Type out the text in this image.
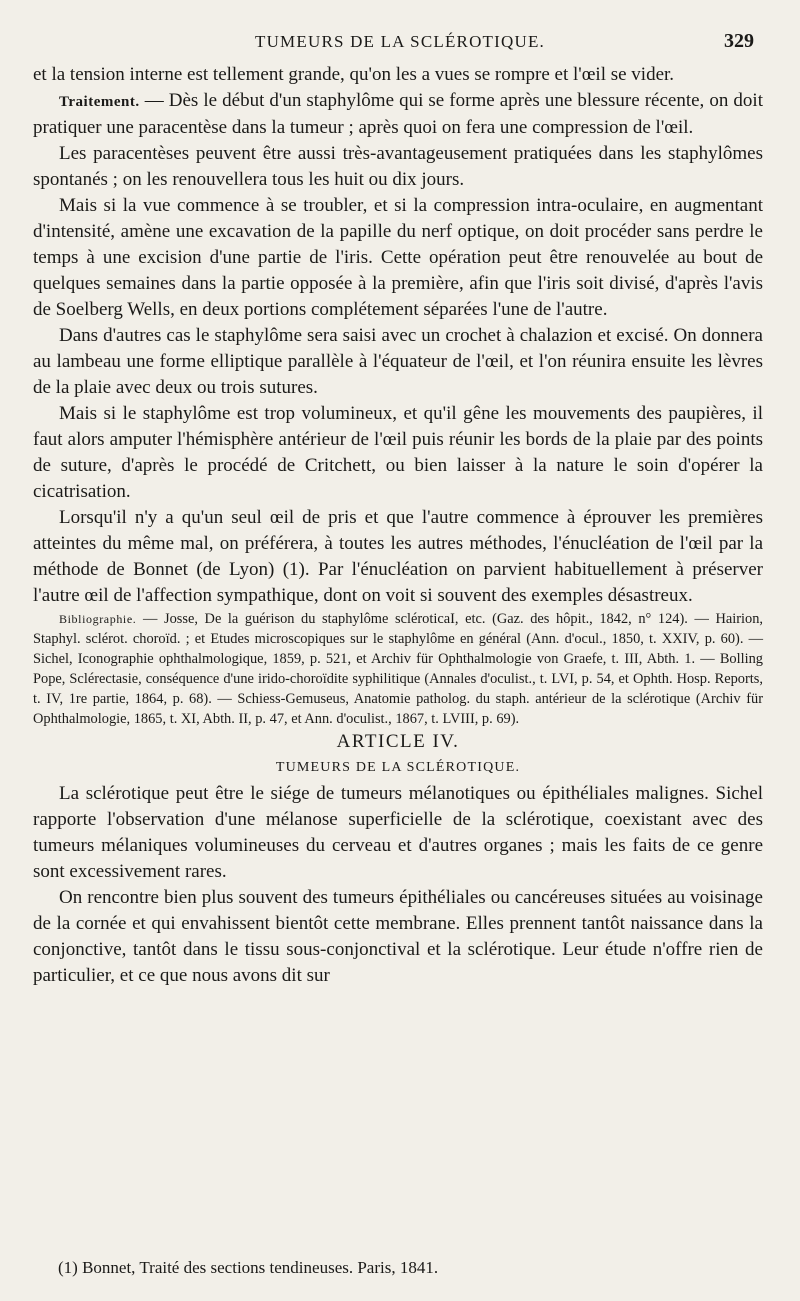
TUMEURS DE LA SCLÉROTIQUE.	329

et la tension interne est tellement grande, qu'on les a vues se rompre et l'œil se vider.

Traitement. — Dès le début d'un staphylôme qui se forme après une blessure récente, on doit pratiquer une paracentèse dans la tumeur ; après quoi on fera une compression de l'œil.

Les paracentèses peuvent être aussi très-avantageusement pratiquées dans les staphylômes spontanés ; on les renouvellera tous les huit ou dix jours.

Mais si la vue commence à se troubler, et si la compression intra-oculaire, en augmentant d'intensité, amène une excavation de la papille du nerf optique, on doit procéder sans perdre le temps à une excision d'une partie de l'iris. Cette opération peut être renouvelée au bout de quelques semaines dans la partie opposée à la première, afin que l'iris soit divisé, d'après l'avis de Soelberg Wells, en deux portions complétement séparées l'une de l'autre.

Dans d'autres cas le staphylôme sera saisi avec un crochet à chalazion et excisé. On donnera au lambeau une forme elliptique parallèle à l'équateur de l'œil, et l'on réunira ensuite les lèvres de la plaie avec deux ou trois sutures.

Mais si le staphylôme est trop volumineux, et qu'il gêne les mouvements des paupières, il faut alors amputer l'hémisphère antérieur de l'œil puis réunir les bords de la plaie par des points de suture, d'après le procédé de Critchett, ou bien laisser à la nature le soin d'opérer la cicatrisation.

Lorsqu'il n'y a qu'un seul œil de pris et que l'autre commence à éprouver les premières atteintes du même mal, on préférera, à toutes les autres méthodes, l'énucléation de l'œil par la méthode de Bonnet (de Lyon) (1). Par l'énucléation on parvient habituellement à préserver l'autre œil de l'affection sympathique, dont on voit si souvent des exemples désastreux.

Bibliographie. — Josse, De la guérison du staphylôme scléroticaI, etc. (Gaz. des hôpit., 1842, n° 124). — Hairion, Staphyl. sclérot. choroïd. ; et Etudes microscopiques sur le staphylôme en général (Ann. d'ocul., 1850, t. XXIV, p. 60). — Sichel, Iconographie ophthalmologique, 1859, p. 521, et Archiv für Ophthalmologie von Graefe, t. III, Abth. 1. — Bolling Pope, Sclérectasie, conséquence d'une irido-choroïdite syphilitique (Annales d'oculist., t. LVI, p. 54, et Ophth. Hosp. Reports, t. IV, 1re partie, 1864, p. 68). — Schiess-Gemuseus, Anatomie patholog. du staph. antérieur de la sclérotique (Archiv für Ophthalmologie, 1865, t. XI, Abth. II, p. 47, et Ann. d'oculist., 1867, t. LVIII, p. 69).

ARTICLE IV.

TUMEURS DE LA SCLÉROTIQUE.

La sclérotique peut être le siége de tumeurs mélanotiques ou épithéliales malignes. Sichel rapporte l'observation d'une mélanose superficielle de la sclérotique, coexistant avec des tumeurs mélaniques volumineuses du cerveau et d'autres organes ; mais les faits de ce genre sont excessivement rares.

On rencontre bien plus souvent des tumeurs épithéliales ou cancéreuses situées au voisinage de la cornée et qui envahissent bientôt cette membrane. Elles prennent tantôt naissance dans la conjonctive, tantôt dans le tissu sous-conjonctival et la sclérotique. Leur étude n'offre rien de particulier, et ce que nous avons dit sur

(1) Bonnet, Traité des sections tendineuses. Paris, 1841.
